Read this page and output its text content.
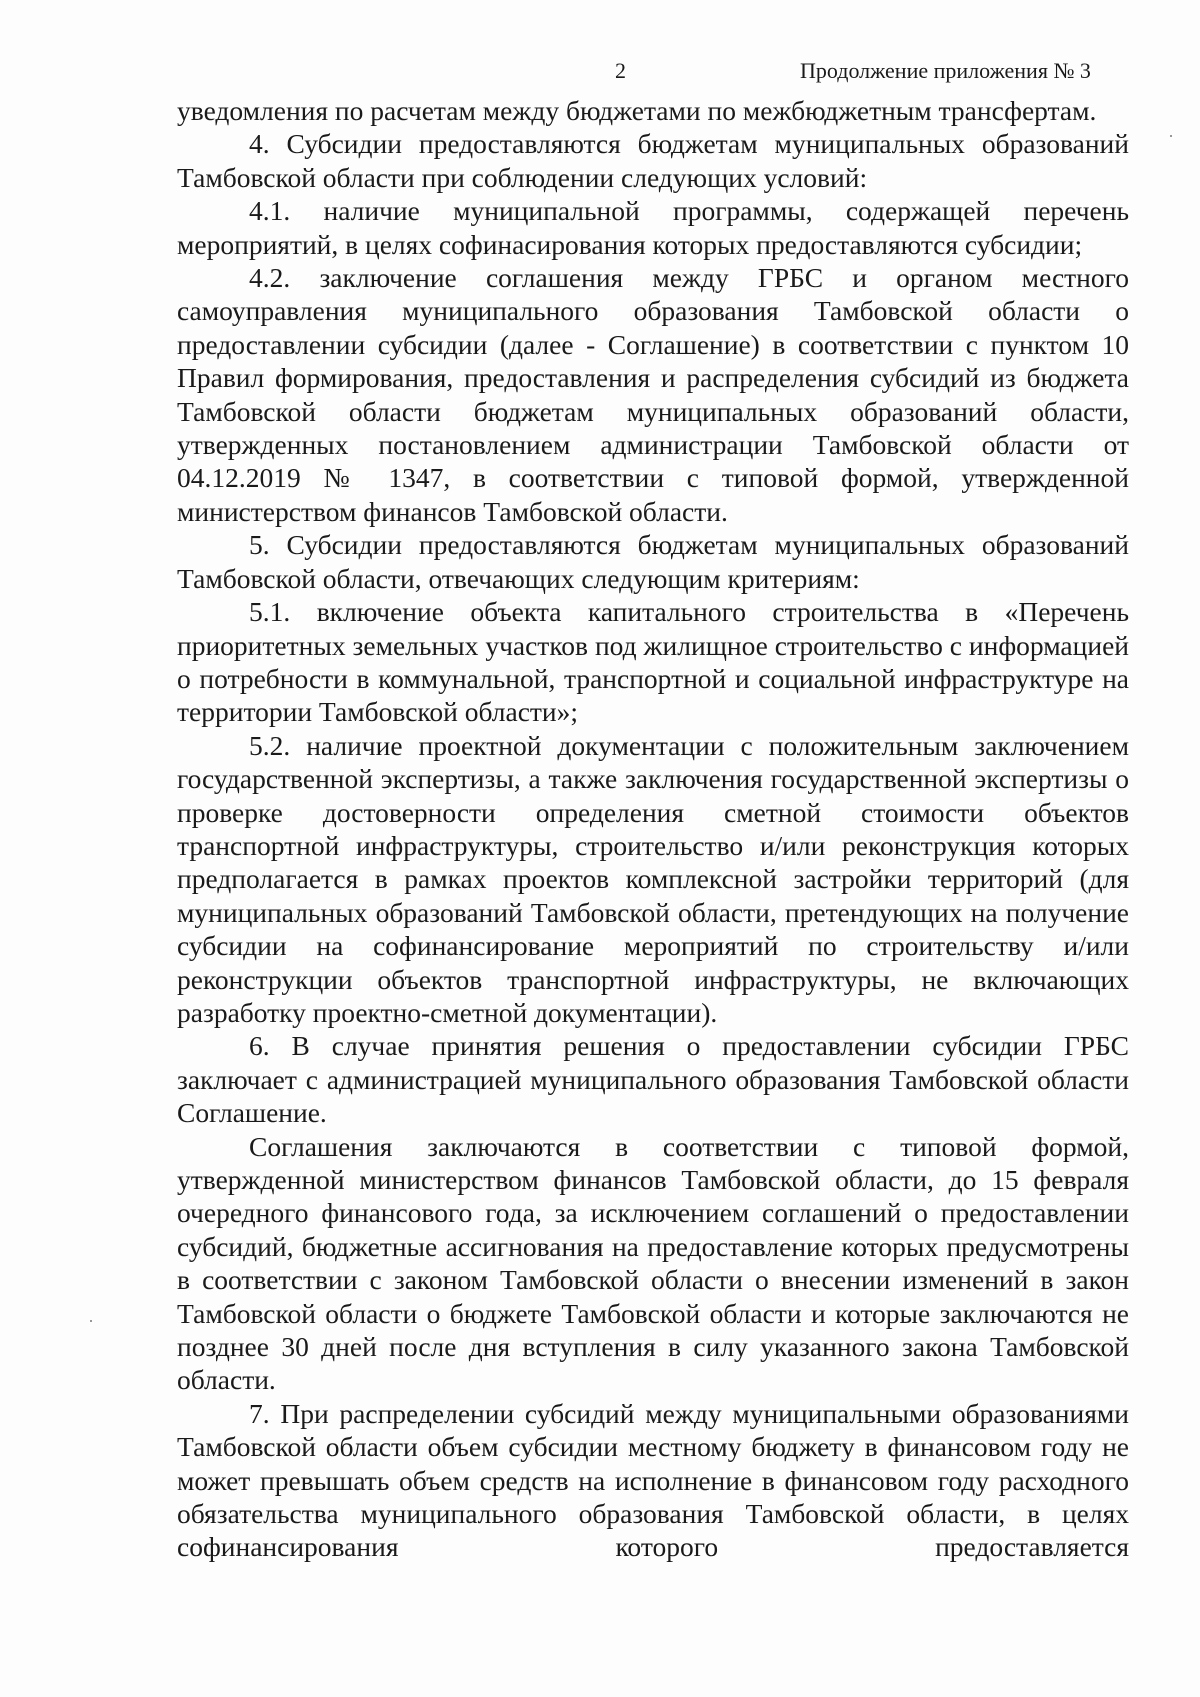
2	Продолжение приложения № 3

уведомления по расчетам между бюджетами по межбюджетным трансфертам.

4. Субсидии предоставляются бюджетам муниципальных образований Тамбовской области при соблюдении следующих условий:

4.1. наличие муниципальной программы, содержащей перечень мероприятий, в целях софинасирования которых предоставляются субсидии;

4.2. заключение соглашения между ГРБС и органом местного самоуправления муниципального образования Тамбовской области о предоставлении субсидии (далее - Соглашение) в соответствии с пунктом 10 Правил формирования, предоставления и распределения субсидий из бюджета Тамбовской области бюджетам муниципальных образований области, утвержденных постановлением администрации Тамбовской области от 04.12.2019 № 1347, в соответствии с типовой формой, утвержденной министерством финансов Тамбовской области.

5. Субсидии предоставляются бюджетам муниципальных образований Тамбовской области, отвечающих следующим критериям:

5.1. включение объекта капитального строительства в «Перечень приоритетных земельных участков под жилищное строительство с информацией о потребности в коммунальной, транспортной и социальной инфраструктуре на территории Тамбовской области»;

5.2. наличие проектной документации с положительным заключением государственной экспертизы, а также заключения государственной экспертизы о проверке достоверности определения сметной стоимости объектов транспортной инфраструктуры, строительство и/или реконструкция которых предполагается в рамках проектов комплексной застройки территорий (для муниципальных образований Тамбовской области, претендующих на получение субсидии на софинансирование мероприятий по строительству и/или реконструкции объектов транспортной инфраструктуры, не включающих разработку проектно-сметной документации).

6. В случае принятия решения о предоставлении субсидии ГРБС заключает с администрацией муниципального образования Тамбовской области Соглашение.

Соглашения заключаются в соответствии с типовой формой, утвержденной министерством финансов Тамбовской области, до 15 февраля очередного финансового года, за исключением соглашений о предоставлении субсидий, бюджетные ассигнования на предоставление которых предусмотрены в соответствии с законом Тамбовской области о внесении изменений в закон Тамбовской области о бюджете Тамбовской области и которые заключаются не позднее 30 дней после дня вступления в силу указанного закона Тамбовской области.

7. При распределении субсидий между муниципальными образованиями Тамбовской области объем субсидии местному бюджету в финансовом году не может превышать объем средств на исполнение в финансовом году расходного обязательства муниципального образования Тамбовской области, в целях софинансирования которого предоставляется
